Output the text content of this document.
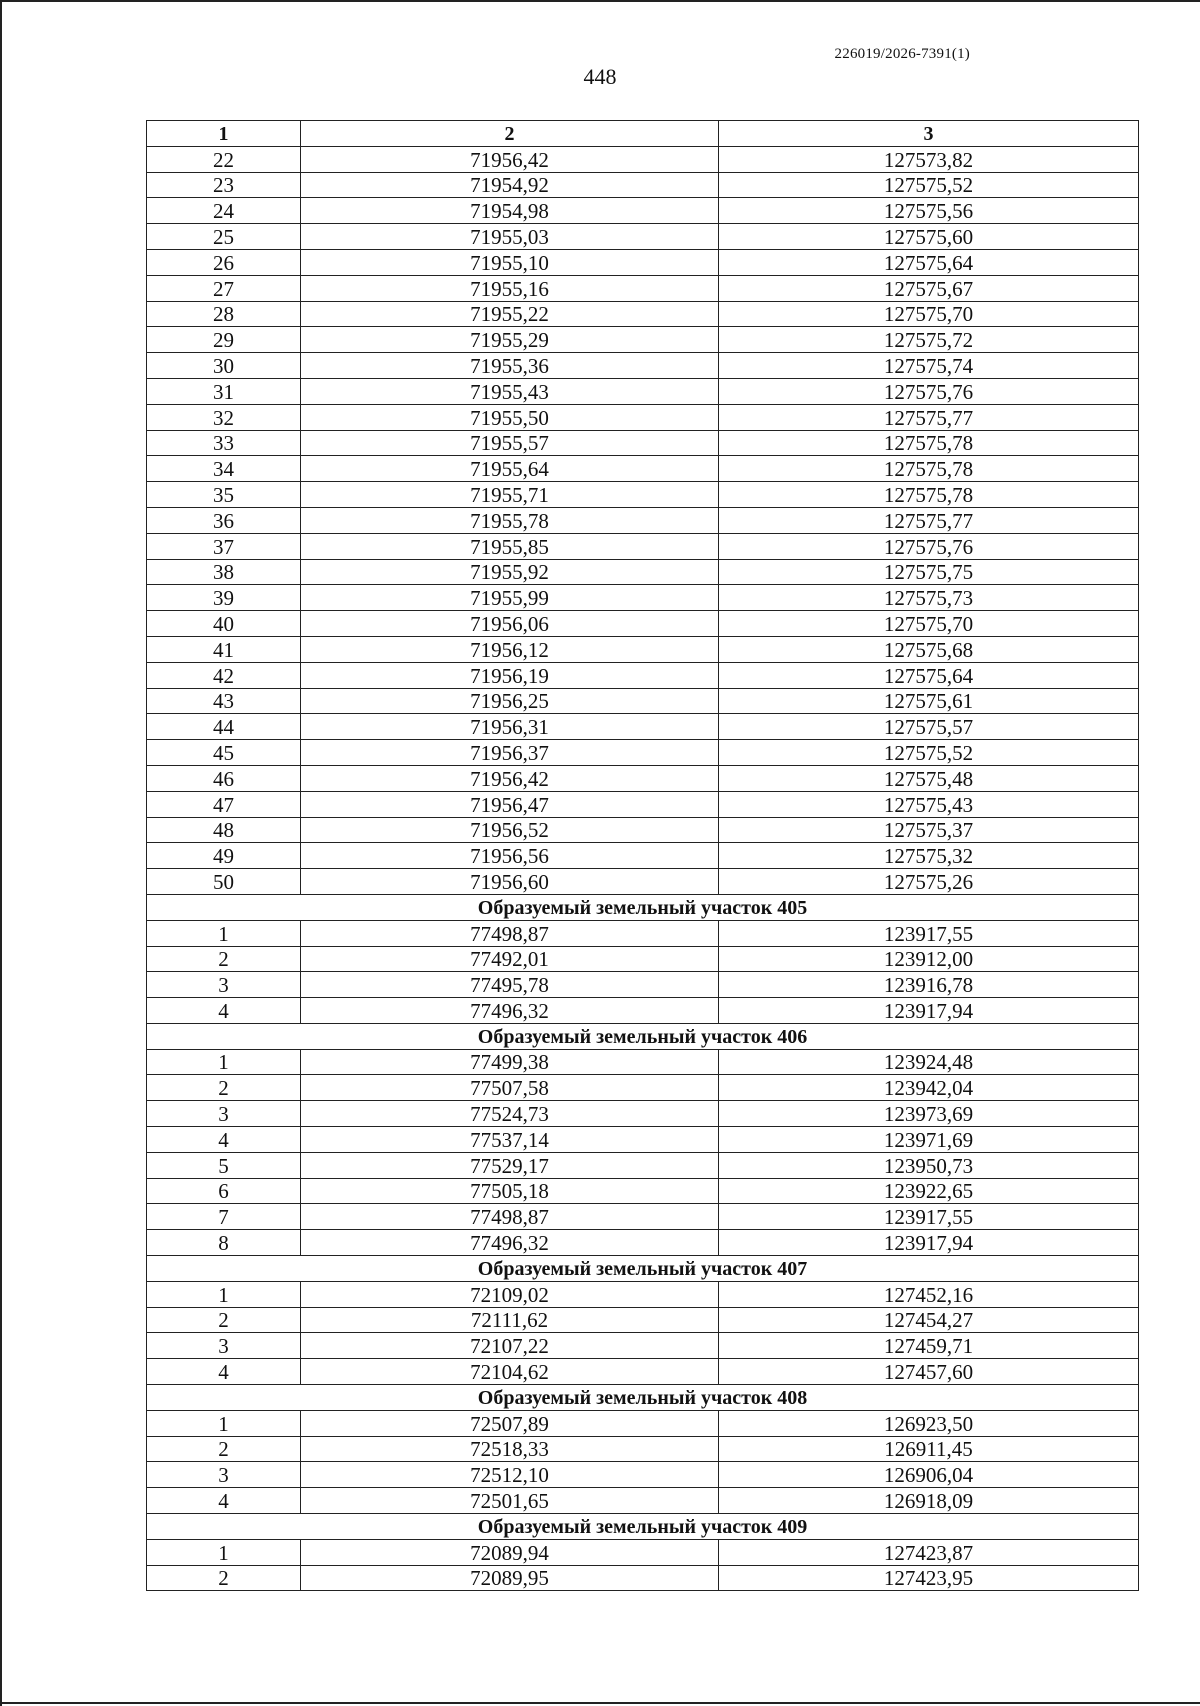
226019/2026-7391(1)
448
1	2	3
22	71956,42	127573,82
23	71954,92	127575,52
24	71954,98	127575,56
25	71955,03	127575,60
26	71955,10	127575,64
27	71955,16	127575,67
28	71955,22	127575,70
29	71955,29	127575,72
30	71955,36	127575,74
31	71955,43	127575,76
32	71955,50	127575,77
33	71955,57	127575,78
34	71955,64	127575,78
35	71955,71	127575,78
36	71955,78	127575,77
37	71955,85	127575,76
38	71955,92	127575,75
39	71955,99	127575,73
40	71956,06	127575,70
41	71956,12	127575,68
42	71956,19	127575,64
43	71956,25	127575,61
44	71956,31	127575,57
45	71956,37	127575,52
46	71956,42	127575,48
47	71956,47	127575,43
48	71956,52	127575,37
49	71956,56	127575,32
50	71956,60	127575,26
Образуемый земельный участок 405		
1	77498,87	123917,55
2	77492,01	123912,00
3	77495,78	123916,78
4	77496,32	123917,94
Образуемый земельный участок 406		
1	77499,38	123924,48
2	77507,58	123942,04
3	77524,73	123973,69
4	77537,14	123971,69
5	77529,17	123950,73
6	77505,18	123922,65
7	77498,87	123917,55
8	77496,32	123917,94
Образуемый земельный участок 407		
1	72109,02	127452,16
2	72111,62	127454,27
3	72107,22	127459,71
4	72104,62	127457,60
Образуемый земельный участок 408		
1	72507,89	126923,50
2	72518,33	126911,45
3	72512,10	126906,04
4	72501,65	126918,09
Образуемый земельный участок 409		
1	72089,94	127423,87
2	72089,95	127423,95
